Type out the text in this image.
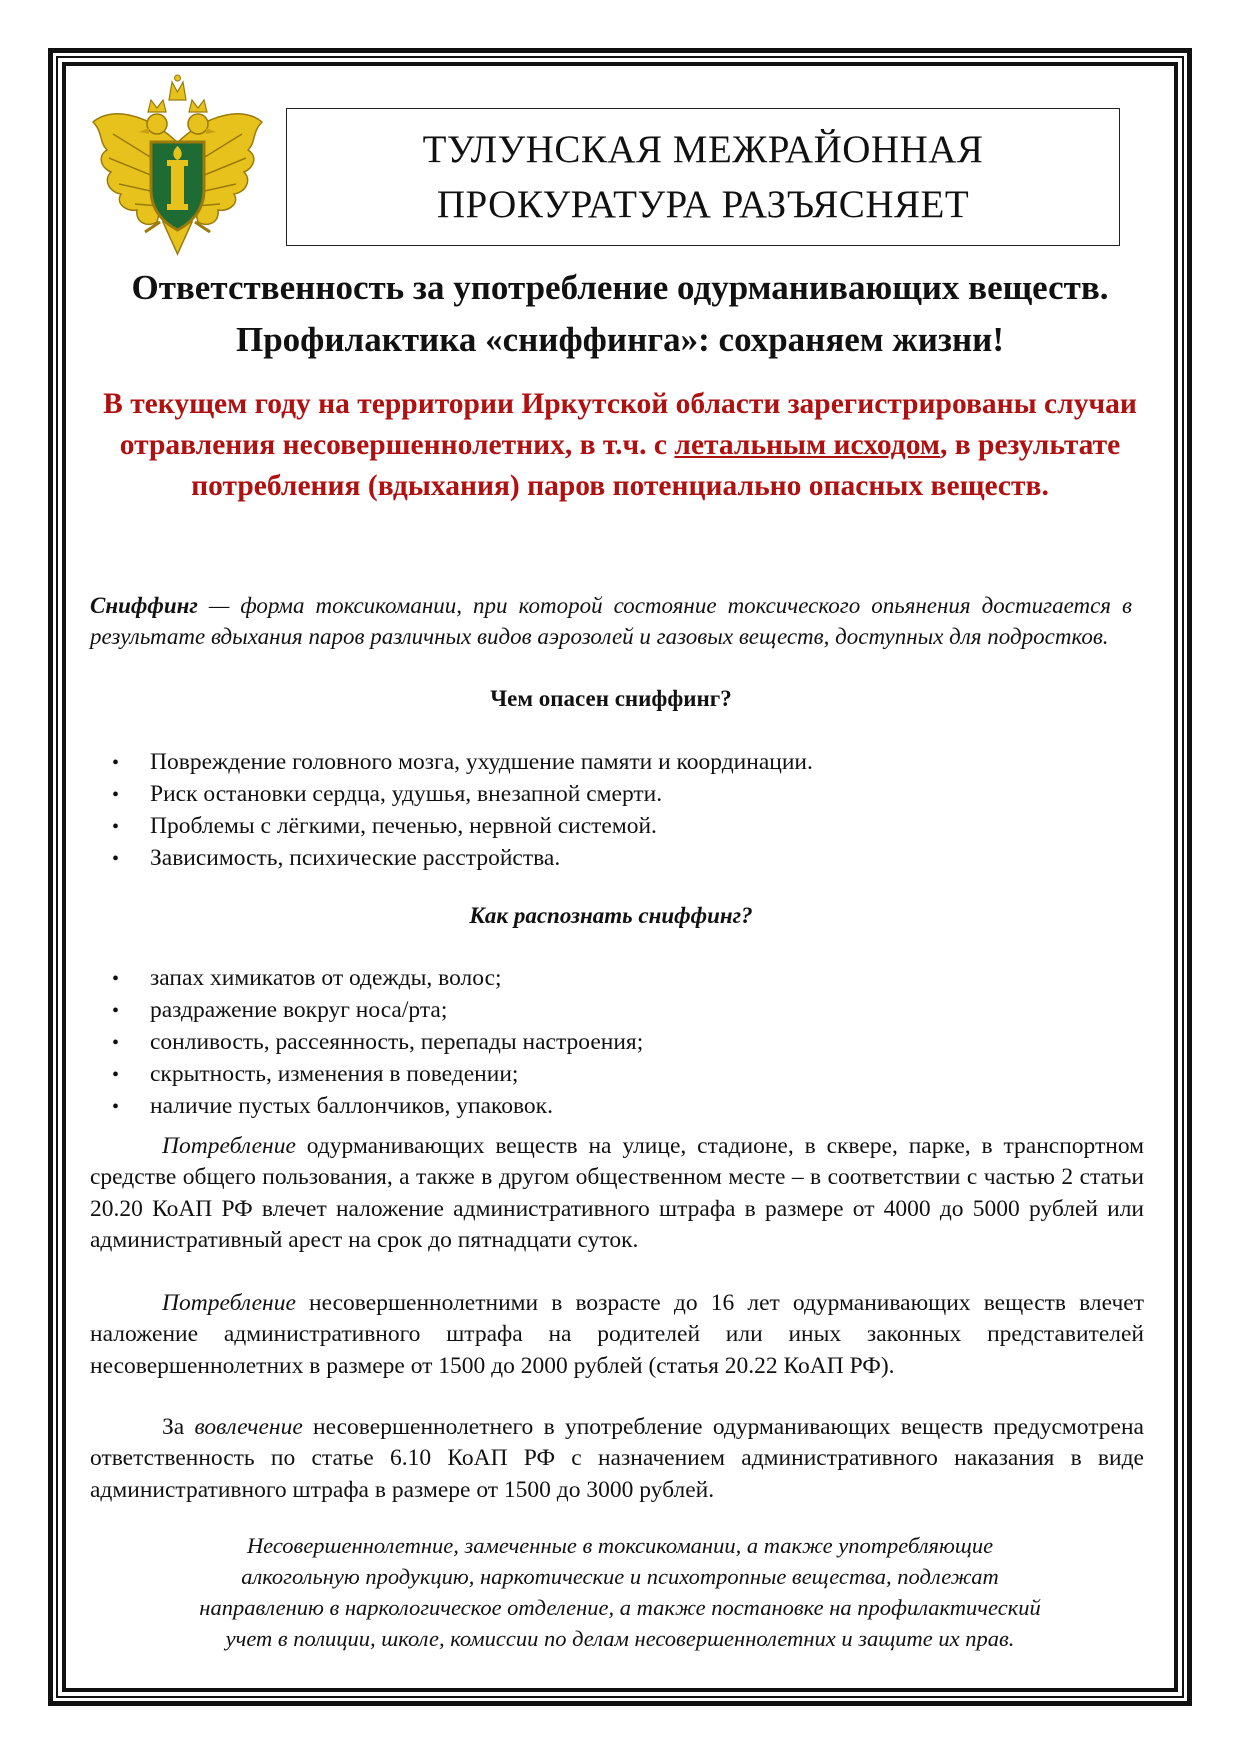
ТУЛУНСКАЯ МЕЖРАЙОННАЯ
ПРОКУРАТУРА РАЗЪЯСНЯЕТ
Ответственность за употребление одурманивающих веществ.
Профилактика «сниффинга»: сохраняем жизни!
В текущем году на территории Иркутской области зарегистрированы случаи отравления несовершеннолетних, в т.ч. с летальным исходом, в результате потребления (вдыхания) паров потенциально опасных веществ.
Сниффинг — форма токсикомании, при которой состояние токсического опьянения достигается в результате вдыхания паров различных видов аэрозолей и газовых веществ, доступных для подростков.
Чем опасен сниффинг?
•	Повреждение головного мозга, ухудшение памяти и координации.
•	Риск остановки сердца, удушья, внезапной смерти.
•	Проблемы с лёгкими, печенью, нервной системой.
•	Зависимость, психические расстройства.
Как распознать сниффинг?
•	запах химикатов от одежды, волос;
•	раздражение вокруг носа/рта;
•	сонливость, рассеянность, перепады настроения;
•	скрытность, изменения в поведении;
•	наличие пустых баллончиков, упаковок.
Потребление одурманивающих веществ на улице, стадионе, в сквере, парке, в транспортном средстве общего пользования, а также в другом общественном месте – в соответствии с частью 2 статьи 20.20 КоАП РФ влечет наложение административного штрафа в размере от 4000 до 5000 рублей или административный арест на срок до пятнадцати суток.
Потребление несовершеннолетними в возрасте до 16 лет одурманивающих веществ влечет наложение административного штрафа на родителей или иных законных представителей несовершеннолетних в размере от 1500 до 2000 рублей (статья 20.22 КоАП РФ).
За вовлечение несовершеннолетнего в употребление одурманивающих веществ предусмотрена ответственность по статье 6.10 КоАП РФ с назначением административного наказания в виде административного штрафа в размере от 1500 до 3000 рублей.
Несовершеннолетние, замеченные в токсикомании, а также употребляющие
алкогольную продукцию, наркотические и психотропные вещества, подлежат
направлению в наркологическое отделение, а также постановке на профилактический
учет в полиции, школе, комиссии по делам несовершеннолетних и защите их прав.
